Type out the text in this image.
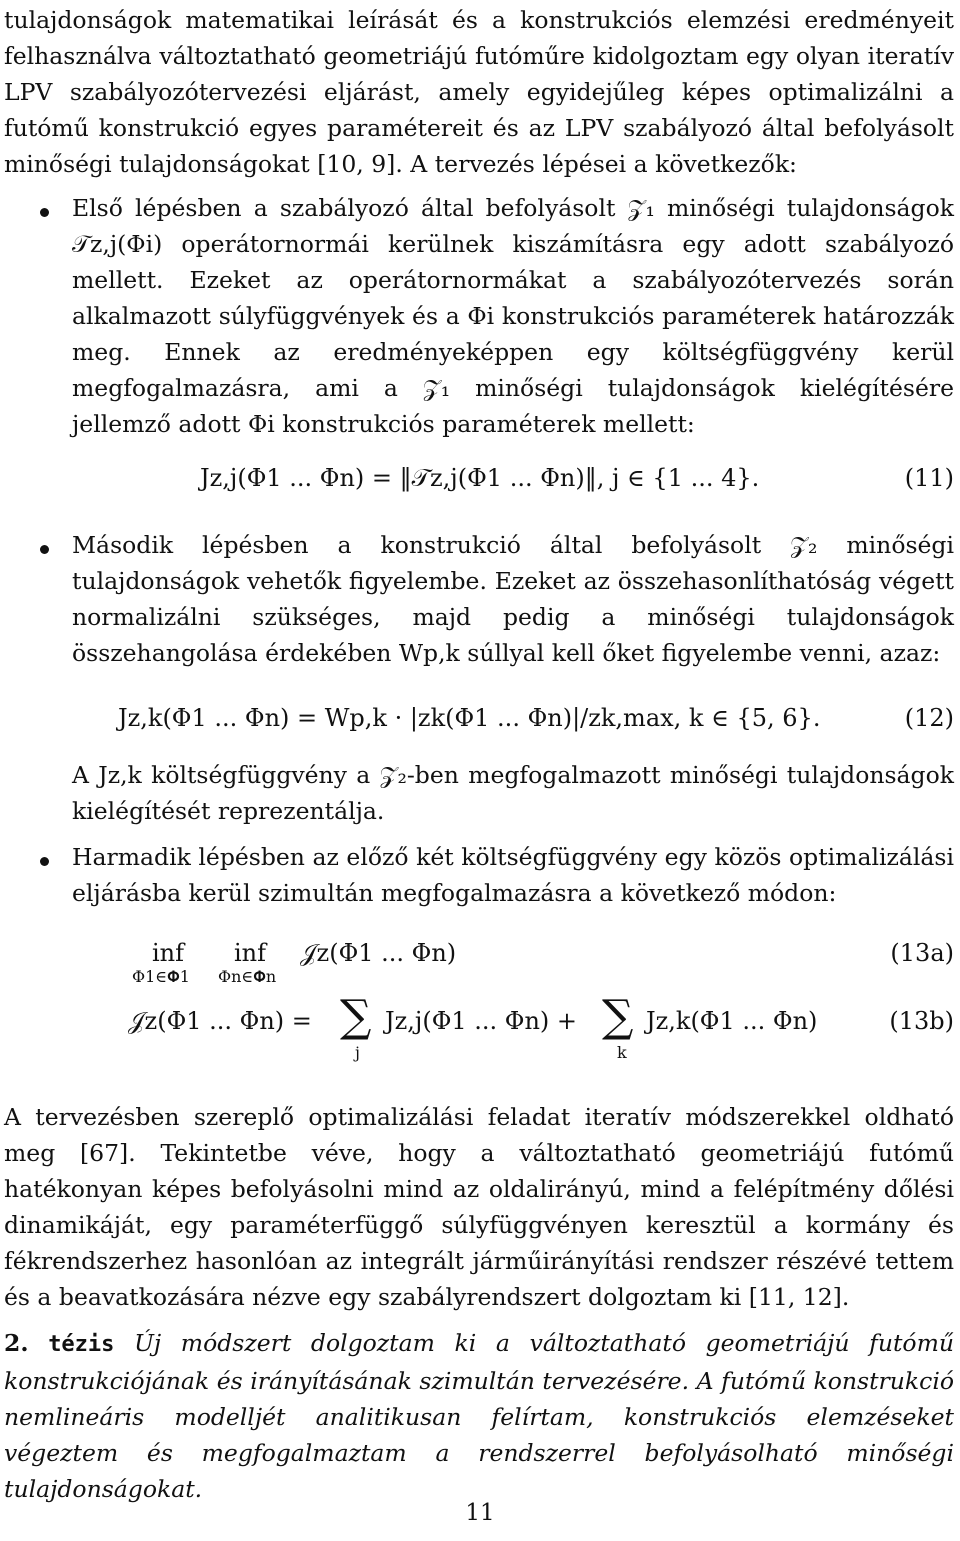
tulajdonságok matematikai leírását és a konstrukciós elemzési eredményeit felhasználva változtatható geometriájú futóműre kidolgoztam egy olyan iteratív LPV szabályozótervezési eljárást, amely egyidejűleg képes optimalizálni a futómű konstrukció egyes paramétereit és az LPV szabályozó által befolyásolt minőségi tulajdonságokat [10, 9]. A tervezés lépései a következők:
Első lépésben a szabályozó által befolyásolt 𝒵₁ minőségi tulajdonságok 𝒯z,j(Φi) operátornormái kerülnek kiszámításra egy adott szabályozó mellett. Ezeket az operátornormákat a szabályozótervezés során alkalmazott súlyfüggvények és a Φi konstrukciós paraméterek határozzák meg. Ennek az eredményeképpen egy költségfüggvény kerül megfogalmazásra, ami a 𝒵₁ minőségi tulajdonságok kielégítésére jellemző adott Φi konstrukciós paraméterek mellett:
Jz,j(Φ1 ... Φn) = ‖𝒯z,j(Φ1 ... Φn)‖, j ∈ {1 ... 4}.	(11)
Második lépésben a konstrukció által befolyásolt 𝒵₂ minőségi tulajdonságok vehetők figyelembe. Ezeket az összehasonlíthatóság végett normalizálni szükséges, majd pedig a minőségi tulajdonságok összehangolása érdekében Wp,k súllyal kell őket figyelembe venni, azaz:
Jz,k(Φ1 ... Φn) = Wp,k · |zk(Φ1 ... Φn)|/zk,max, k ∈ {5, 6}.	(12)
A Jz,k költségfüggvény a 𝒵₂-ben megfogalmazott minőségi tulajdonságok kielégítését reprezentálja.
Harmadik lépésben az előző két költségfüggvény egy közös optimalizálási eljárásba kerül szimultán megfogalmazásra a következő módon:
inf
Φ1∈𝚽1
inf
Φn∈𝚽n
𝒥z(Φ1 ... Φn)	(13a)
𝒥z(Φ1 ... Φn) = ∑
j
Jz,j(Φ1 ... Φn) + ∑
k
Jz,k(Φ1 ... Φn)	(13b)
A tervezésben szereplő optimalizálási feladat iteratív módszerekkel oldható meg [67]. Tekintetbe véve, hogy a változtatható geometriájú futómű hatékonyan képes befolyásolni mind az oldalirányú, mind a felépítmény dőlési dinamikáját, egy paraméterfüggő súlyfüggvényen keresztül a kormány és fékrendszerhez hasonlóan az integrált járműirányítási rendszer részévé tettem és a beavatkozására nézve egy szabályrendszert dolgoztam ki [11, 12].
2. tézis Új módszert dolgoztam ki a változtatható geometriájú futómű konstrukciójának és irányításának szimultán tervezésére. A futómű konstrukció nemlineáris modelljét analitikusan felírtam, konstrukciós elemzéseket végeztem és megfogalmaztam a rendszerrel befolyásolható minőségi tulajdonságokat.
11
